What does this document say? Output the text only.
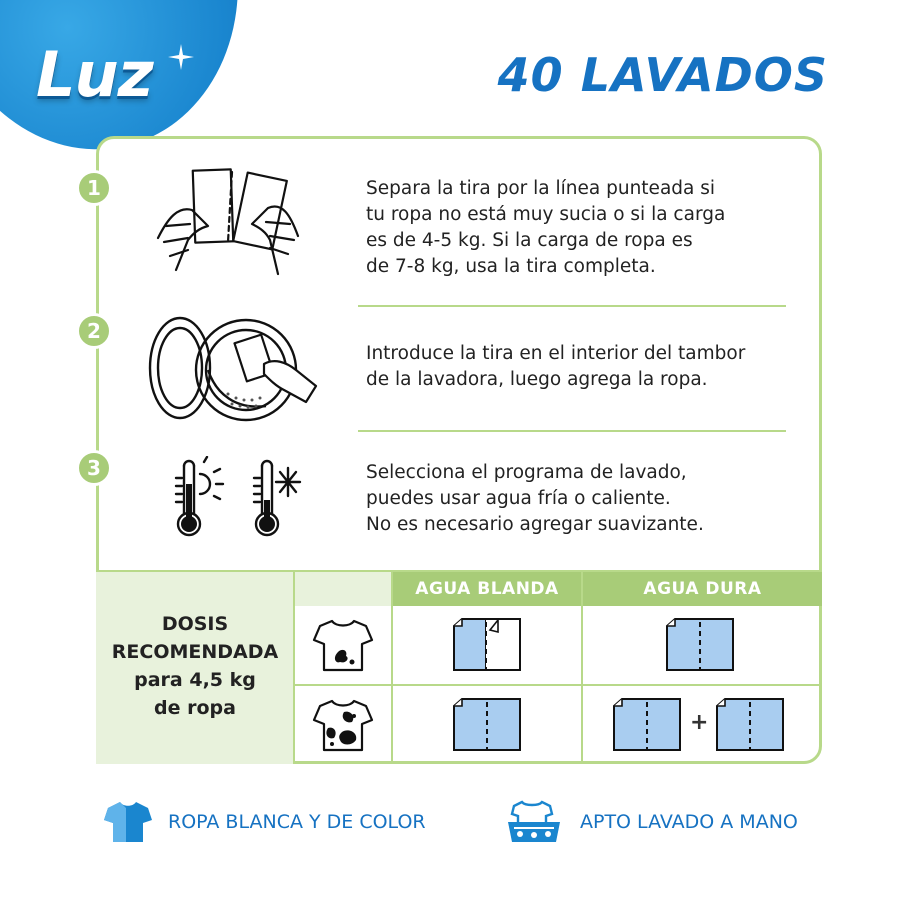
Luz	40 LAVADOS
1
2
3
Separa la tira por la línea punteada si
tu ropa no está muy sucia o si la carga
es de 4-5 kg. Si la carga de ropa es
de 7-8 kg, usa la tira completa.
Introduce la tira en el interior del tambor
de la lavadora, luego agrega la ropa.
Selecciona el programa de lavado,
puedes usar agua fría o caliente.
No es necesario agregar suavizante.
DOSIS
RECOMENDADA
para 4,5 kg
de ropa
AGUA BLANDA	AGUA DURA
+
ROPA BLANCA Y DE COLOR	APTO LAVADO A MANO
